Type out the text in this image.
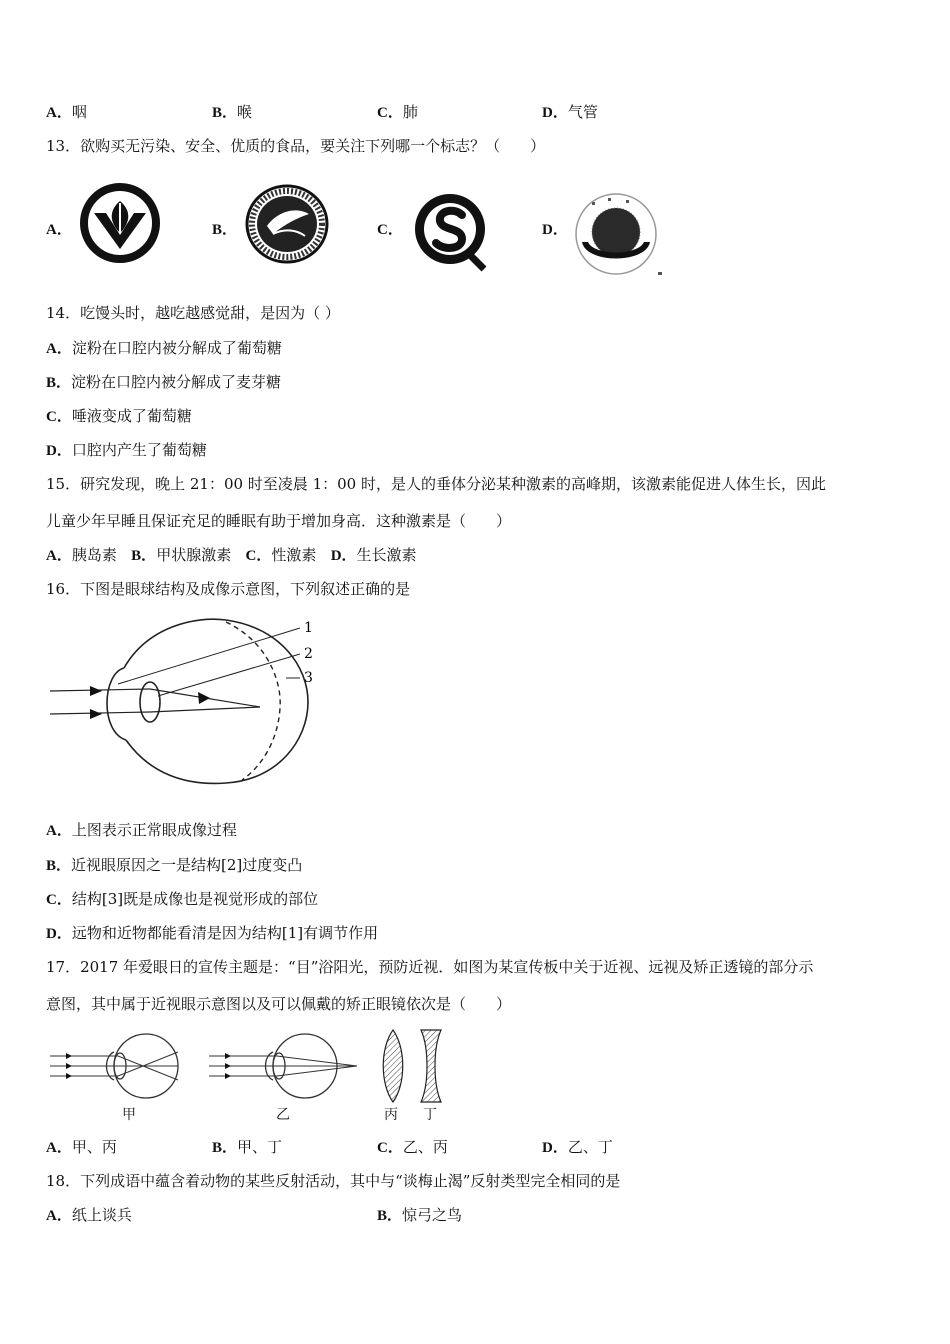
A．咽	B．喉	C．肺	D．气管
13．欲购买无污染、安全、优质的食品，要关注下列哪一个标志？（　　）
A．	B．	C．	D．
14．吃馒头时，越吃越感觉甜，是因为（ ）
A．淀粉在口腔内被分解成了葡萄糖
B．淀粉在口腔内被分解成了麦芽糖
C．唾液变成了葡萄糖
D．口腔内产生了葡萄糖
15．研究发现，晚上 21：00 时至凌晨 1：00 时，是人的垂体分泌某种激素的高峰期，该激素能促进人体生长，因此
儿童少年早睡且保证充足的睡眠有助于增加身高．这种激素是（　　）
A．胰岛素 B．甲状腺激素 C．性激素 D．生长激素
16．下图是眼球结构及成像示意图，下列叙述正确的是
1
2
3
A．上图表示正常眼成像过程
B．近视眼原因之一是结构[2]过度变凸
C．结构[3]既是成像也是视觉形成的部位
D．远物和近物都能看清是因为结构[1]有调节作用
17．2017 年爱眼日的宣传主题是：“目”浴阳光，预防近视．如图为某宣传板中关于近视、远视及矫正透镜的部分示
意图，其中属于近视眼示意图以及可以佩戴的矫正眼镜依次是（　　）
甲	乙	丙 丁
A．甲、丙	B．甲、丁	C．乙、丙	D．乙、丁
18．下列成语中蕴含着动物的某些反射活动，其中与“谈梅止渴”反射类型完全相同的是
A．纸上谈兵	B．惊弓之鸟
